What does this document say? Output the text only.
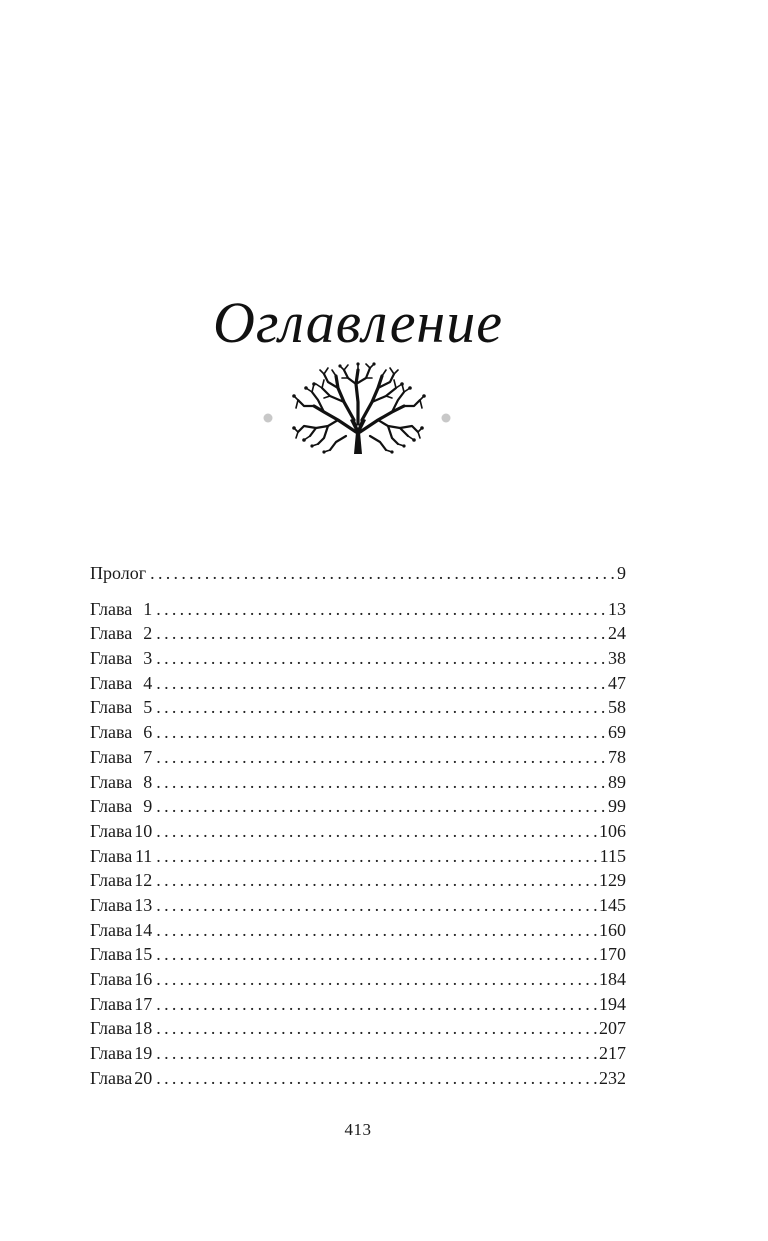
Оглавление
Пролог . . .	9
Глава 1 . . .	13
Глава 2 . . .	24
Глава 3 . . .	38
Глава 4 . . .	47
Глава 5 . . .	58
Глава 6 . . .	69
Глава 7 . . .	78
Глава 8 . . .	89
Глава 9 . . .	99
Глава 10 . . .	106
Глава 11 . . .	115
Глава 12 . . .	129
Глава 13 . . .	145
Глава 14 . . .	160
Глава 15 . . .	170
Глава 16 . . .	184
Глава 17 . . .	194
Глава 18 . . .	207
Глава 19 . . .	217
Глава 20 . . .	232
413
